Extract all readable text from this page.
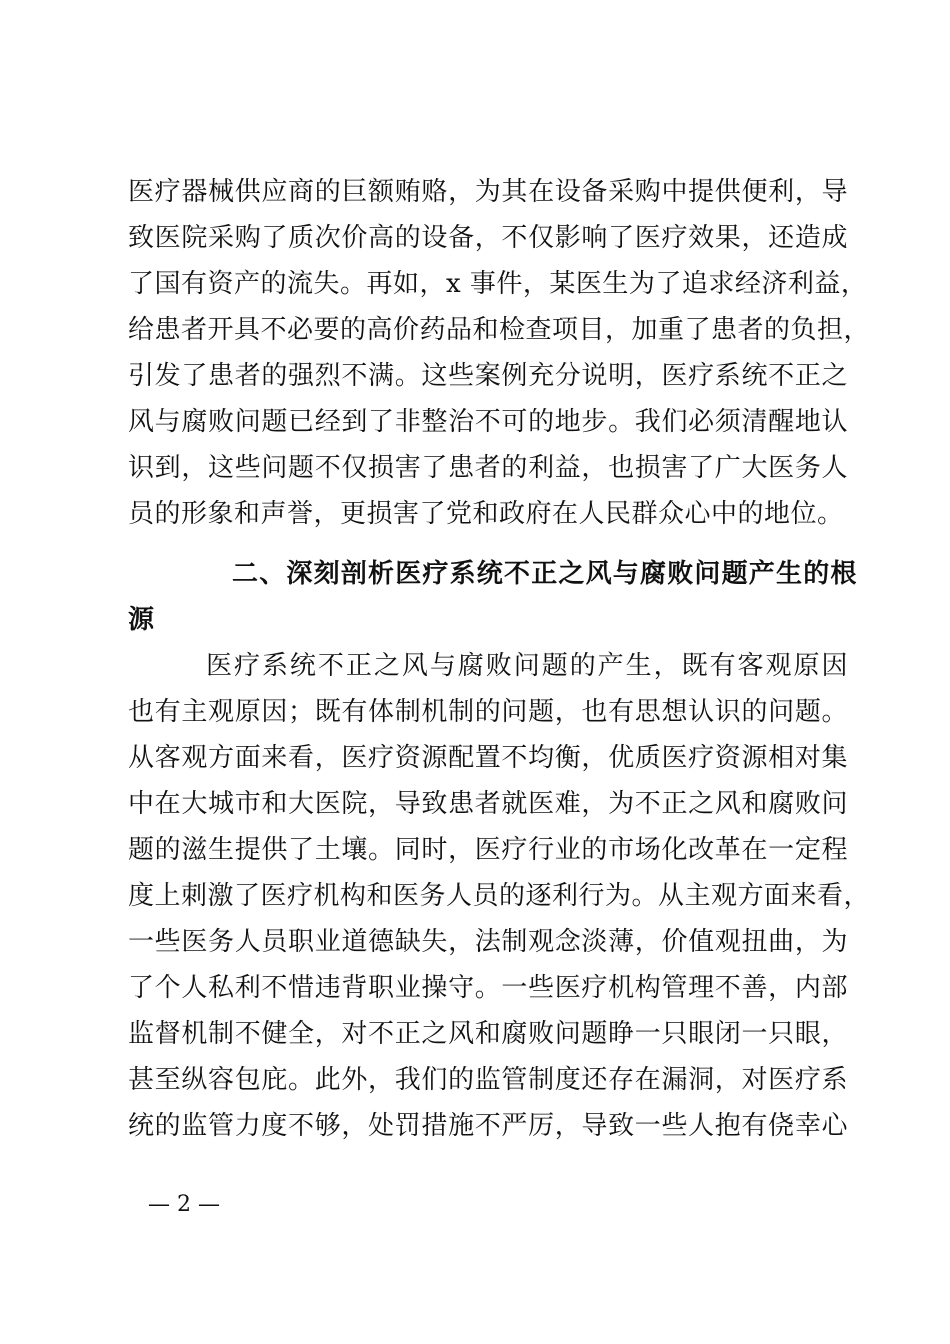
医疗器械供应商的巨额贿赂，为其在设备采购中提供便利，导
致医院采购了质次价高的设备，不仅影响了医疗效果，还造成
了国有资产的流失。再如，x 事件，某医生为了追求经济利益，
给患者开具不必要的高价药品和检查项目，加重了患者的负担，
引发了患者的强烈不满。这些案例充分说明，医疗系统不正之
风与腐败问题已经到了非整治不可的地步。我们必须清醒地认
识到，这些问题不仅损害了患者的利益，也损害了广大医务人
员的形象和声誉，更损害了党和政府在人民群众心中的地位。
二、深刻剖析医疗系统不正之风与腐败问题产生的根
源
医疗系统不正之风与腐败问题的产生，既有客观原因
也有主观原因；既有体制机制的问题，也有思想认识的问题。
从客观方面来看，医疗资源配置不均衡，优质医疗资源相对集
中在大城市和大医院，导致患者就医难，为不正之风和腐败问
题的滋生提供了土壤。同时，医疗行业的市场化改革在一定程
度上刺激了医疗机构和医务人员的逐利行为。从主观方面来看，
一些医务人员职业道德缺失，法制观念淡薄，价值观扭曲，为
了个人私利不惜违背职业操守。一些医疗机构管理不善，内部
监督机制不健全，对不正之风和腐败问题睁一只眼闭一只眼，
甚至纵容包庇。此外，我们的监管制度还存在漏洞，对医疗系
统的监管力度不够，处罚措施不严厉，导致一些人抱有侥幸心
— 2 —
